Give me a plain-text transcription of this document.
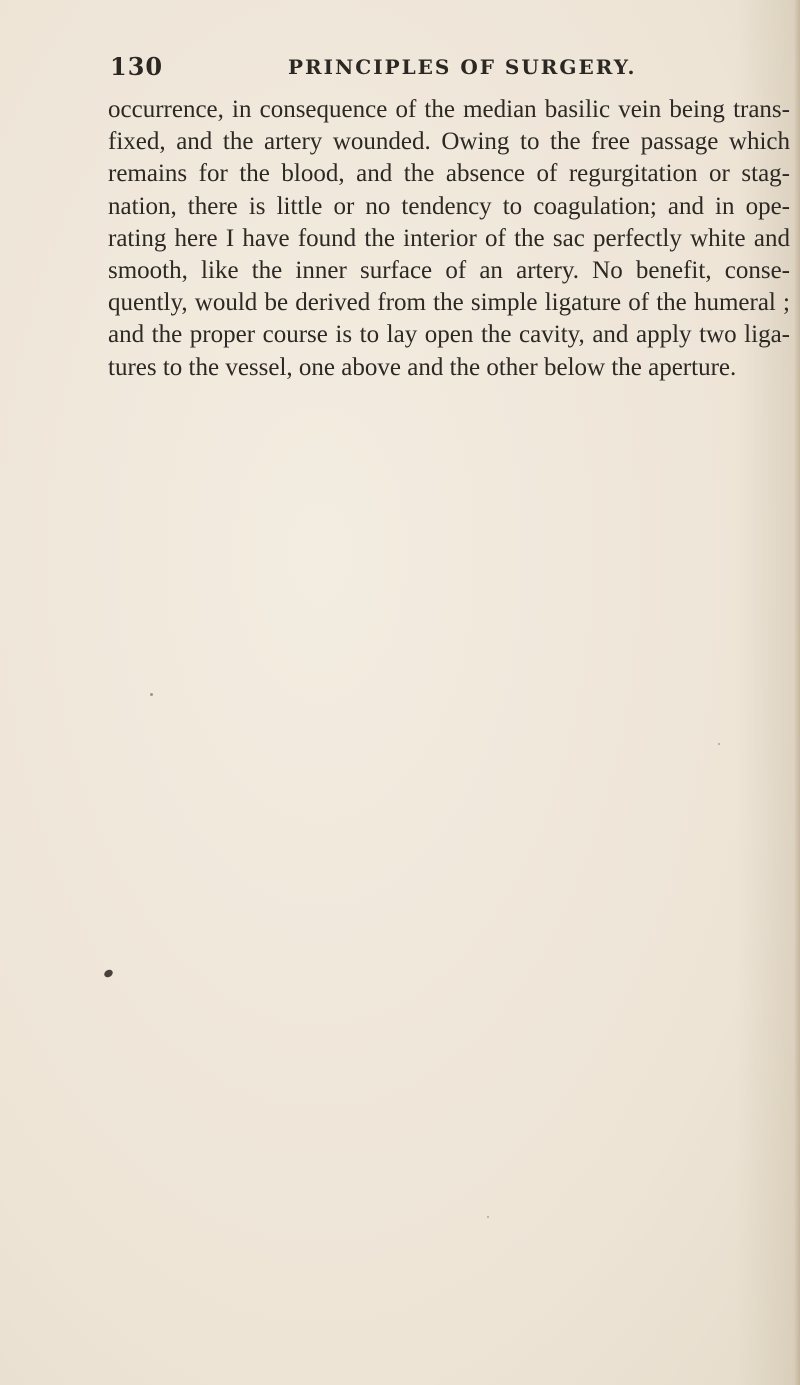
130	PRINCIPLES OF SURGERY.
occurrence, in consequence of the median basilic vein being trans-
fixed, and the artery wounded. Owing to the free passage which
remains for the blood, and the absence of regurgitation or stag-
nation, there is little or no tendency to coagulation; and in ope-
rating here I have found the interior of the sac perfectly white and
smooth, like the inner surface of an artery. No benefit, conse-
quently, would be derived from the simple ligature of the humeral ;
and the proper course is to lay open the cavity, and apply two liga-
tures to the vessel, one above and the other below the aperture.
